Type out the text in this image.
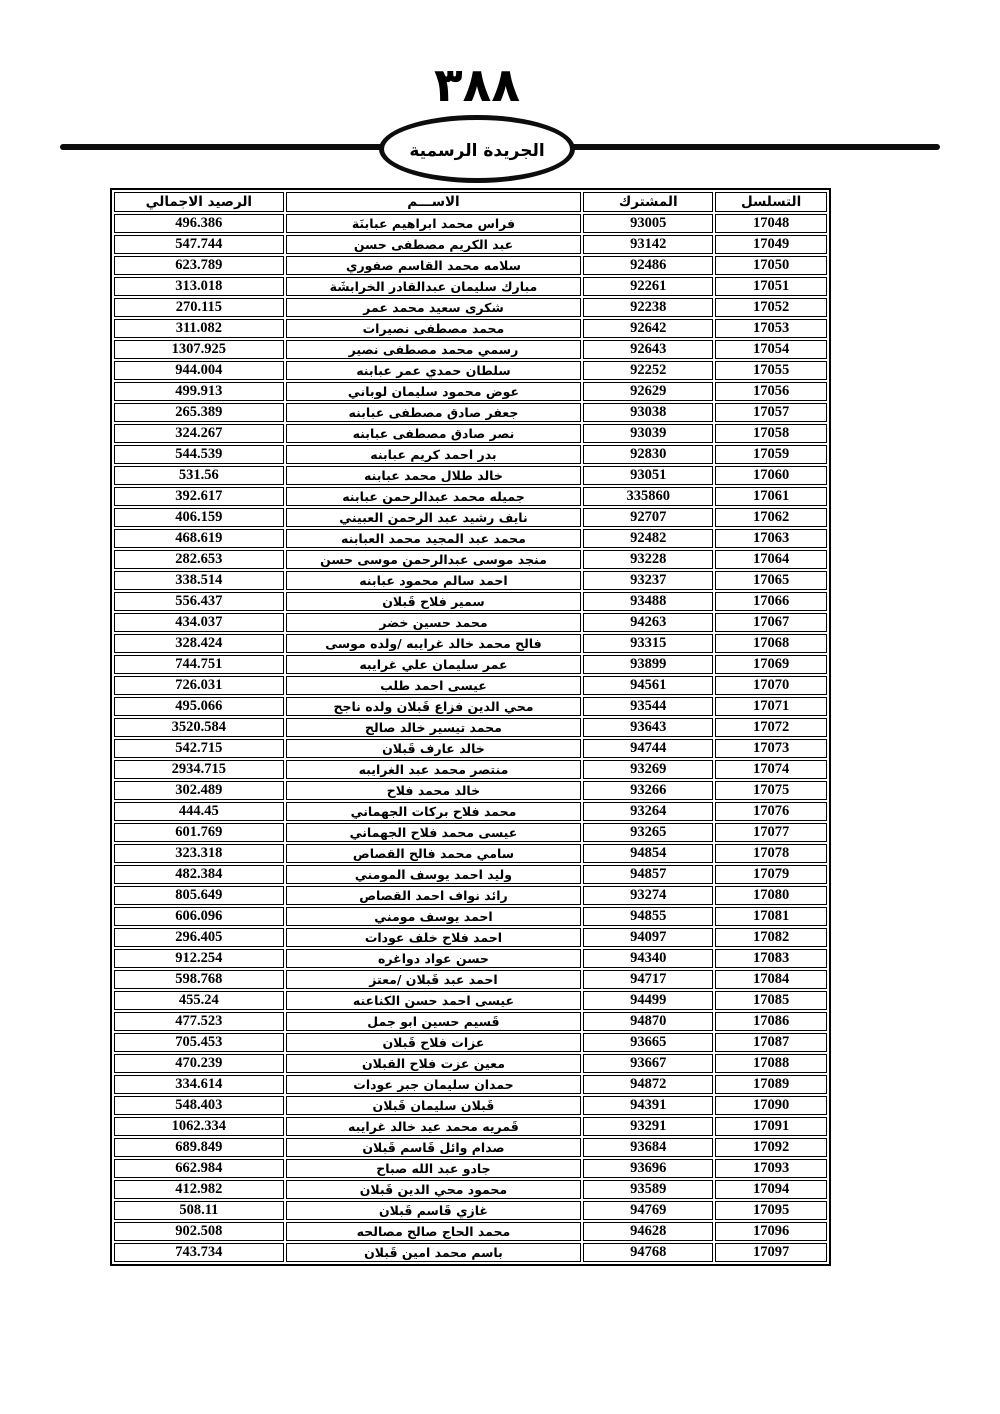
٣٨٨
الجريدة الرسمية
التسلسل	المشترك	الاســـم	الرصيد الاجمالي
17048	93005	فراس محمد ابراهيم عبابنَة	496.386
17049	93142	عبد الكريم مصطفى حسن	547.744
17050	92486	سلامه محمد القاسم صفوري	623.789
17051	92261	مبارك سليمان عبدالقادر الخرابشَة	313.018
17052	92238	شكرى سعيد محمد عمر	270.115
17053	92642	محمد مصطفى نصيرات	311.082
17054	92643	رسمي محمد مصطفى نصير	1307.925
17055	92252	سلطان حمدي عمر عبابنه	944.004
17056	92629	عوض محمود سليمان لوباني	499.913
17057	93038	جعفر صادق مصطفى عبابنه	265.389
17058	93039	نصر صادق مصطفى عبابنه	324.267
17059	92830	بدر احمد كريم عبابنه	544.539
17060	93051	خالد طلال محمد عبابنه	531.56
17061	335860	جميله محمد عبدالرحمن عبابنه	392.617
17062	92707	نايف رشيد عبد الرحمن العبيني	406.159
17063	92482	محمد عبد المجيد محمد العبابنه	468.619
17064	93228	منجد موسى عبدالرحمن موسى حسن	282.653
17065	93237	احمد سالم محمود عبابنه	338.514
17066	93488	سمير فلاح قَبلان	556.437
17067	94263	محمد حسين خضر	434.037
17068	93315	فالح محمد خالد غرايبه /ولده موسى	328.424
17069	93899	عمر سليمان علي غرايبه	744.751
17070	94561	عيسى احمد طلب	726.031
17071	93544	محي الدين فزاع قَبلان ولده ناجح	495.066
17072	93643	محمد تيسير خالد صالح	3520.584
17073	94744	خالد عارف قَبلان	542.715
17074	93269	منتصر محمد عبد الغرايبه	2934.715
17075	93266	خالد محمد فلاح	302.489
17076	93264	محمد فلاح بركات الجهماني	444.45
17077	93265	عيسى محمد فلاح الجهماني	601.769
17078	94854	سامي محمد فالح القصاص	323.318
17079	94857	وليد احمد يوسف المومني	482.384
17080	93274	رائد نواف احمد القصاص	805.649
17081	94855	احمد يوسف مومني	606.096
17082	94097	احمد فلاح خلف عودات	296.405
17083	94340	حسن عواد دواغره	912.254
17084	94717	احمد عبد قَبلان /معتز	598.768
17085	94499	عيسى احمد حسن الكناعنه	455.24
17086	94870	قَسيم حسين ابو جمل	477.523
17087	93665	عزات فلاح قَبلان	705.453
17088	93667	معين عزت فلاح القبلان	470.239
17089	94872	حمدان سليمان جبر عودات	334.614
17090	94391	قَبلان سليمان قَبلان	548.403
17091	93291	قَمريه محمد عيد خالد غرايبه	1062.334
17092	93684	صدام وائل قَاسم قَبلان	689.849
17093	93696	جادو عبد الله صباح	662.984
17094	93589	محمود محي الدين قَبلان	412.982
17095	94769	غازي قَاسم قَبلان	508.11
17096	94628	محمد الحاج صالح مصالحه	902.508
17097	94768	باسم محمد امين قَبلان	743.734
